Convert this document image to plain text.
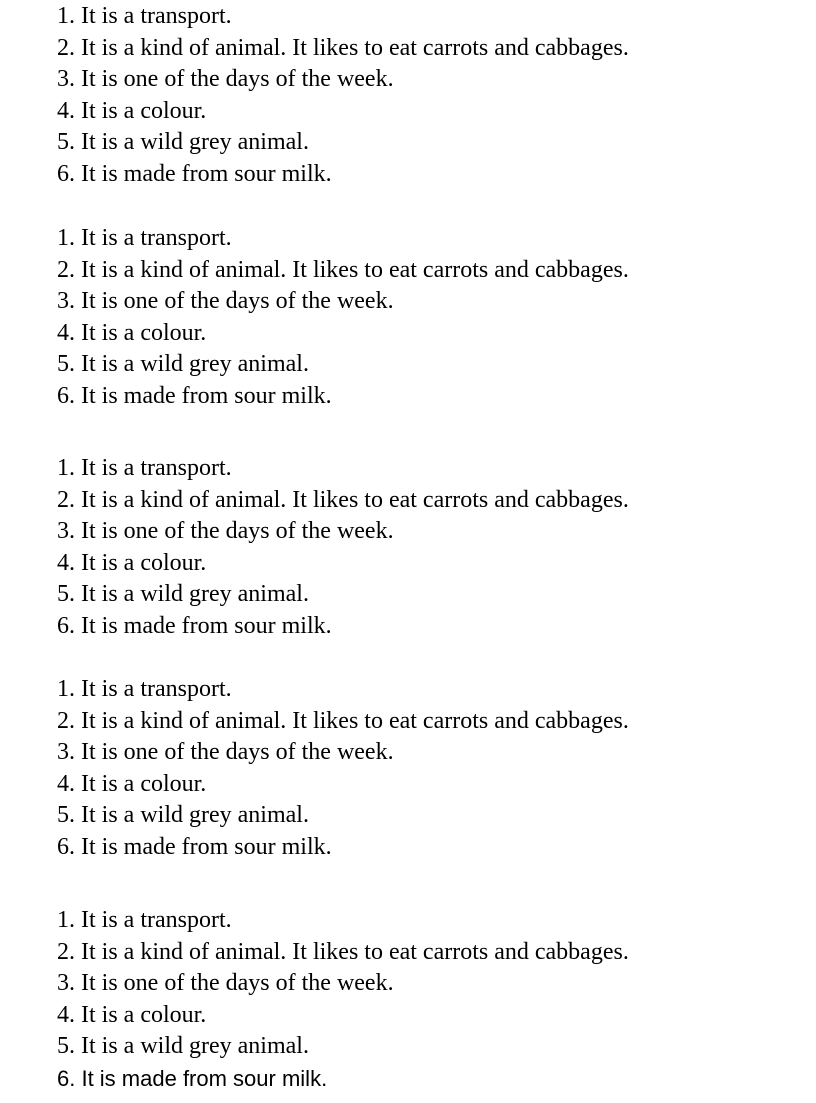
1. It is a transport.
2. It is a kind of animal. It likes to eat carrots and cabbages.
3. It is one of the days of the week.
4. It is a colour.
5. It is a wild grey animal.
6. It is made from sour milk.
1. It is a transport.
2. It is a kind of animal. It likes to eat carrots and cabbages.
3. It is one of the days of the week.
4. It is a colour.
5. It is a wild grey animal.
6. It is made from sour milk.
1. It is a transport.
2. It is a kind of animal. It likes to eat carrots and cabbages.
3. It is one of the days of the week.
4. It is a colour.
5. It is a wild grey animal.
6. It is made from sour milk.
1. It is a transport.
2. It is a kind of animal. It likes to eat carrots and cabbages.
3. It is one of the days of the week.
4. It is a colour.
5. It is a wild grey animal.
6. It is made from sour milk.
1. It is a transport.
2. It is a kind of animal. It likes to eat carrots and cabbages.
3. It is one of the days of the week.
4. It is a colour.
5. It is a wild grey animal.
6. It is made from sour milk.
